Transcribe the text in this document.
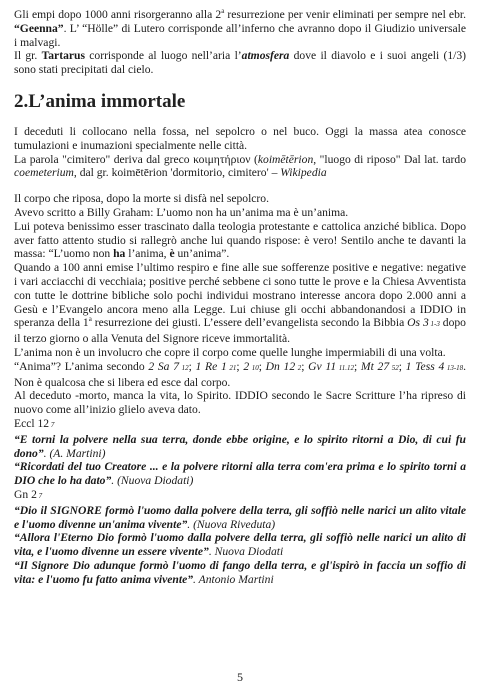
Gli empi dopo 1000 anni risorgeranno alla 2$^a$ resurrezione per venir eliminati per sempre nel ebr. “Geenna”. L’ “Hölle” di Lutero corrisponde all’inferno che avranno dopo il Giudizio universale i malvagi.

Il gr. Tartarus corrisponde al luogo nell’aria l’atmosfera dove il diavolo e i suoi angeli (1/3) sono stati precipitati dal cielo.

2.L’anima immortale

I deceduti li collocano nella fossa, nel sepolcro o nel buco. Oggi la massa atea conosce tumulazioni e inumazioni specialmente nelle città.

La parola "cimitero" deriva dal greco κοιμητήριον (koimētērion, "luogo di riposo" Dal lat. tardo coemeterium, dal gr. koimētērion 'dormitorio, cimitero' – Wikipedia

Il corpo che riposa, dopo la morte si disfà nel sepolcro.

Avevo scritto a Billy Graham: L’uomo non ha un’anima ma è un’anima.

Lui poteva benissimo esser trascinato dalla teologia protestante e cattolica anziché biblica. Dopo aver fatto attento studio si rallegrò anche lui quando rispose: è vero! Sentilo anche te davanti la massa: “L’uomo non ha l’anima, è un’anima”.

Quando a 100 anni emise l’ultimo respiro e fine alle sue sofferenze positive e negative: negative i vari acciacchi di vecchiaia; positive perché sebbene ci sono tutte le prove e la Chiesa Avventista con tutte le dottrine bibliche solo pochi individui mostrano interesse ancora dopo 2.000 anni a Gesù e l’Evangelo ancora meno alla Legge. Lui chiuse gli occhi abbandonandosi a IDDIO in speranza della 1$^a$ resurrezione dei giusti. L’essere dell’evangelista secondo la Bibbia Os 3 1-3 dopo il terzo giorno o alla Venuta del Signore riceve immortalità.

L’anima non è un involucro che copre il corpo come quelle lunghe impermiabili di una volta.

“Anima”? L’anima secondo 2 Sa 7 12; 1 Re 1 21; 2 10; Dn 12 2; Gv 11 11.12; Mt 27 52; 1 Tess 4 13-18. Non è qualcosa che si libera ed esce dal corpo.

Al deceduto -morto, manca la vita, lo Spirito. IDDIO secondo le Sacre Scritture l’ha ripreso di nuovo come all’inizio glielo aveva dato.

Eccl 12 7

“E torni la polvere nella sua terra, donde ebbe origine, e lo spirito ritorni a Dio, di cui fu dono”. (A. Martini)

“Ricordati del tuo Creatore ... e la polvere ritorni alla terra com'era prima e lo spirito torni a DIO che lo ha dato”. (Nuova Diodati)

Gn 2 7

“Dio il SIGNORE formò l'uomo dalla polvere della terra, gli soffiò nelle narici un alito vitale e l'uomo divenne un'anima vivente”. (Nuova Riveduta)

“Allora l'Eterno Dio formò l'uomo dalla polvere della terra, gli soffiò nelle narici un alito di vita, e l'uomo divenne un essere vivente”. Nuova Diodati

“Il Signore Dio adunque formò l'uomo di fango della terra, e gl'ispirò in faccia un soffio di vita: e l'uomo fu fatto anima vivente”. Antonio Martini

5
